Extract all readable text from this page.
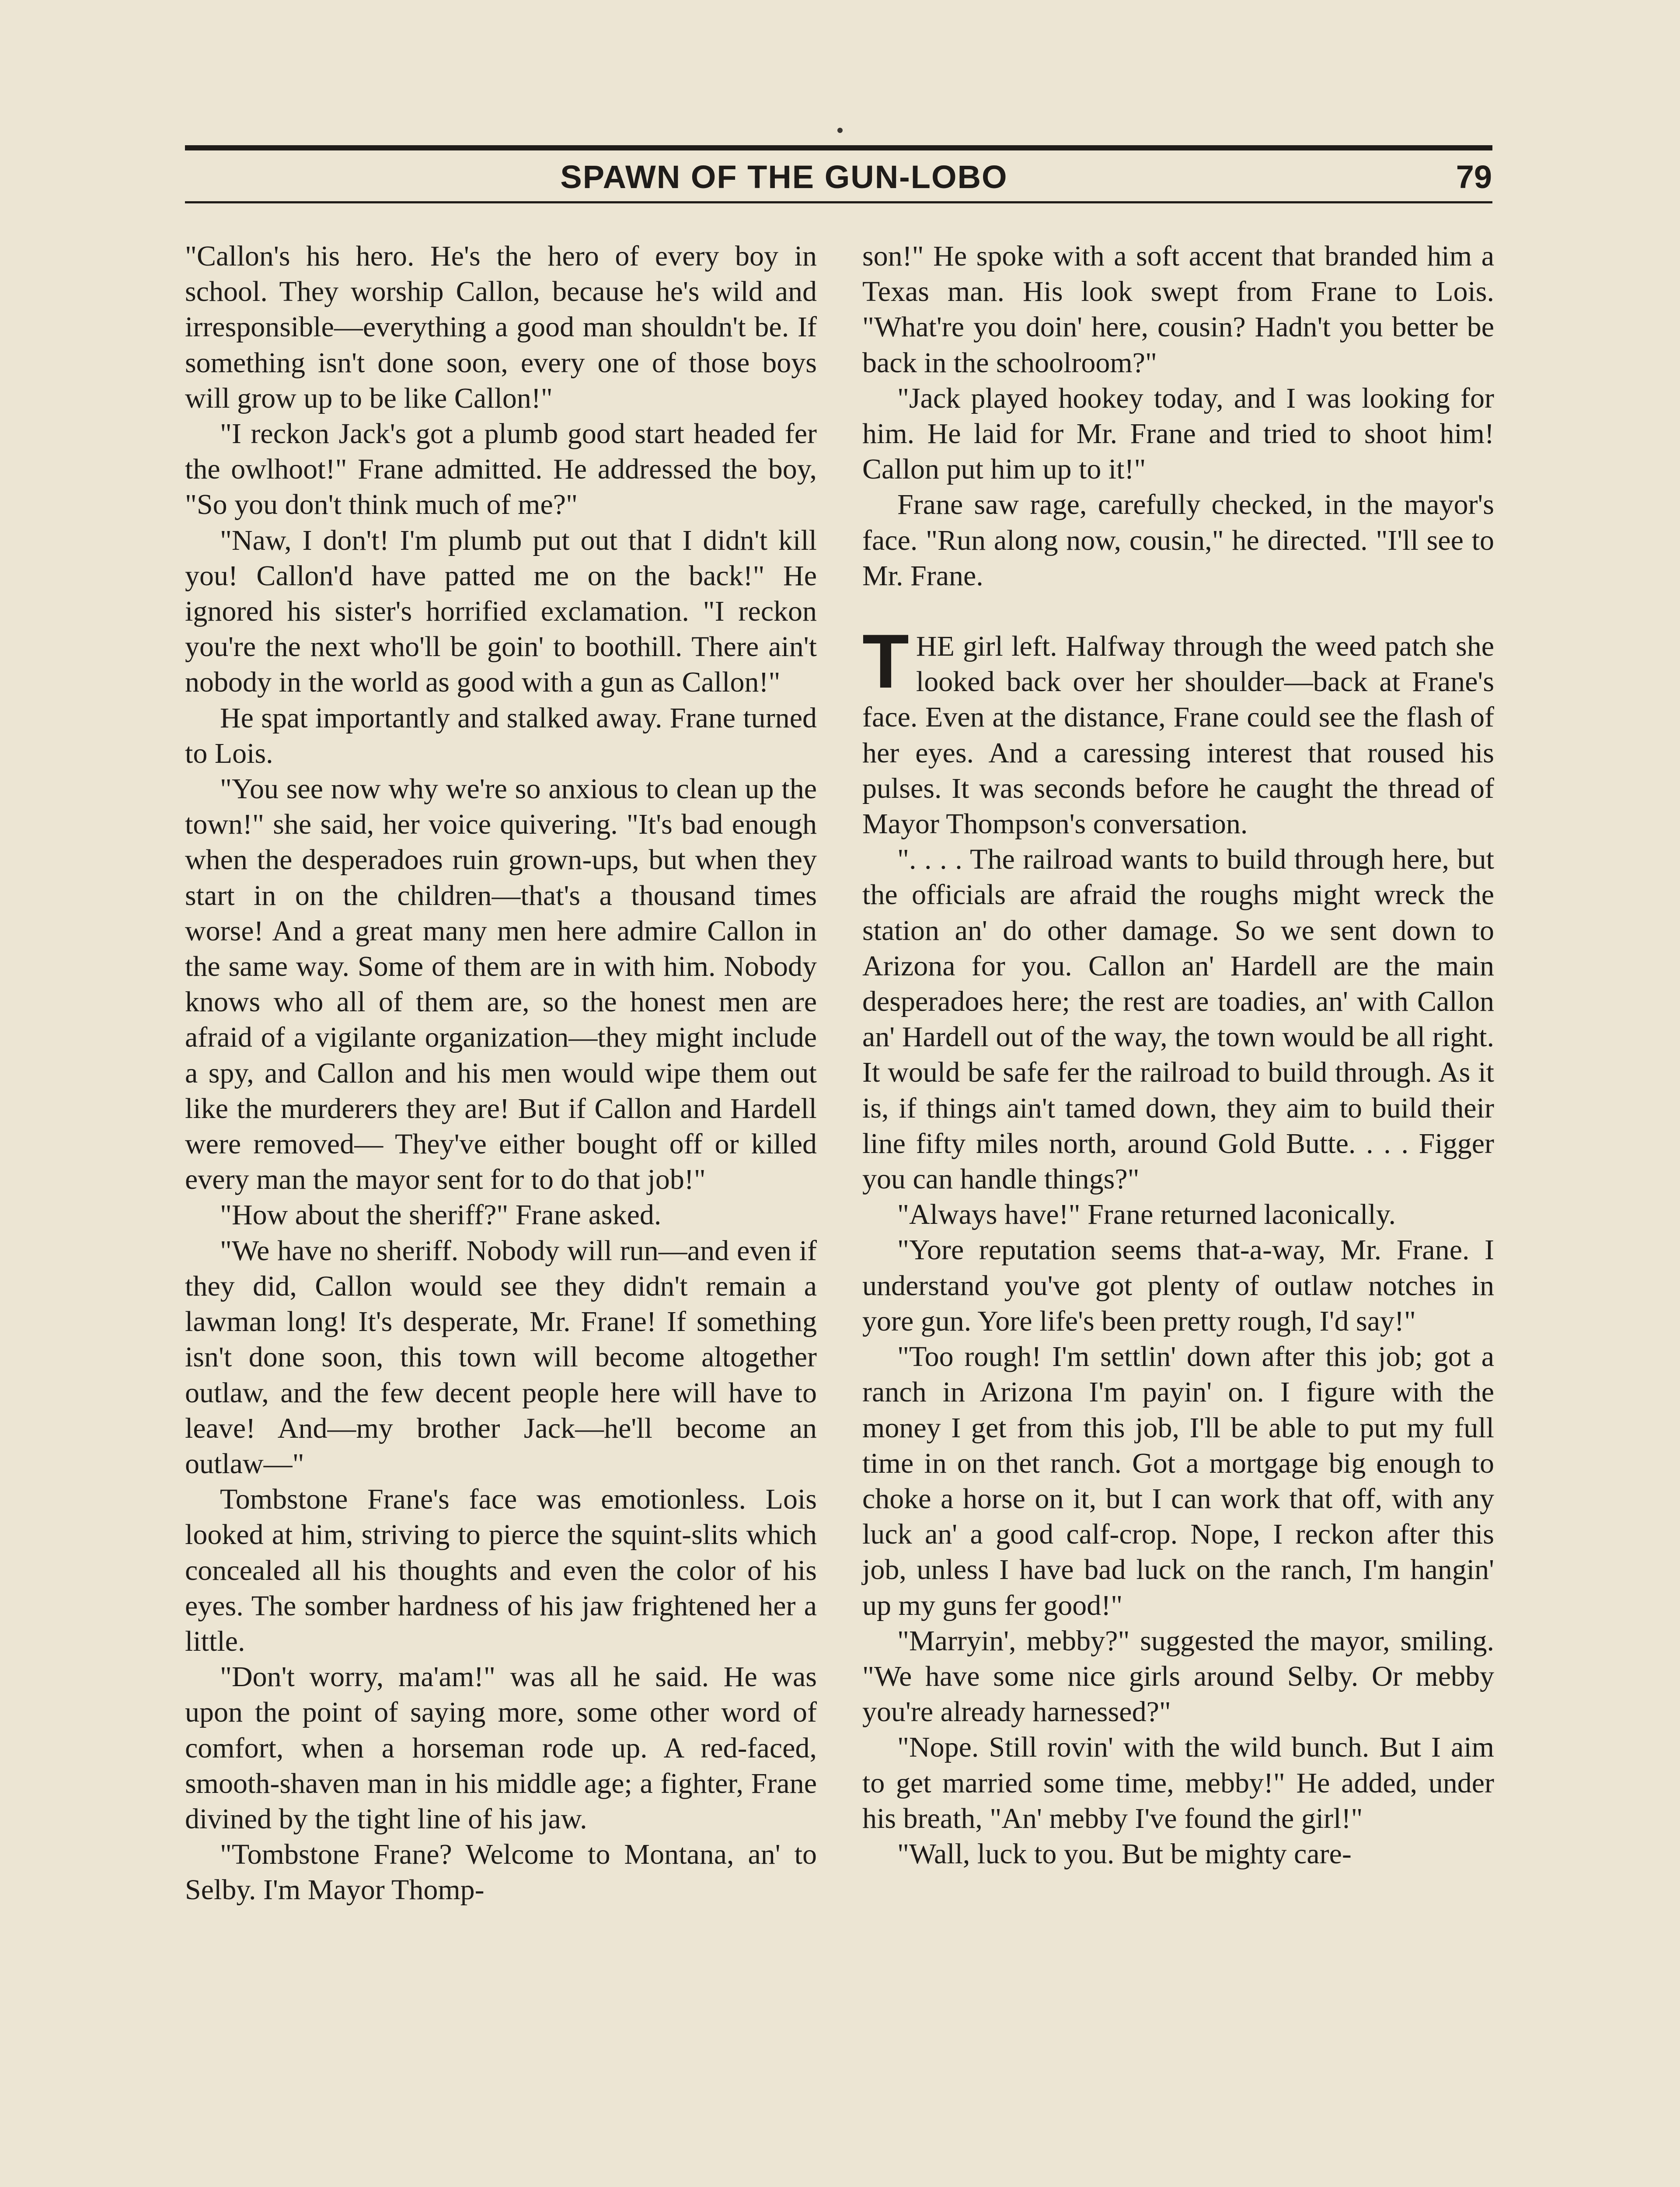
SPAWN OF THE GUN-LOBO	79

"Callon's his hero. He's the hero of every boy in school. They worship Callon, because he's wild and irresponsible—everything a good man shouldn't be. If something isn't done soon, every one of those boys will grow up to be like Callon!"

"I reckon Jack's got a plumb good start headed fer the owlhoot!" Frane admitted. He addressed the boy, "So you don't think much of me?"

"Naw, I don't! I'm plumb put out that I didn't kill you! Callon'd have patted me on the back!" He ignored his sister's horrified exclamation. "I reckon you're the next who'll be goin' to boothill. There ain't nobody in the world as good with a gun as Callon!"

He spat importantly and stalked away. Frane turned to Lois.

"You see now why we're so anxious to clean up the town!" she said, her voice quivering. "It's bad enough when the desperadoes ruin grown-ups, but when they start in on the children—that's a thousand times worse! And a great many men here admire Callon in the same way. Some of them are in with him. Nobody knows who all of them are, so the honest men are afraid of a vigilante organization—they might include a spy, and Callon and his men would wipe them out like the murderers they are! But if Callon and Hardell were removed— They've either bought off or killed every man the mayor sent for to do that job!"

"How about the sheriff?" Frane asked.

"We have no sheriff. Nobody will run—and even if they did, Callon would see they didn't remain a lawman long! It's desperate, Mr. Frane! If something isn't done soon, this town will become altogether outlaw, and the few decent people here will have to leave! And—my brother Jack—he'll become an outlaw—"

Tombstone Frane's face was emotionless. Lois looked at him, striving to pierce the squint-slits which concealed all his thoughts and even the color of his eyes. The somber hardness of his jaw frightened her a little.

"Don't worry, ma'am!" was all he said. He was upon the point of saying more, some other word of comfort, when a horseman rode up. A red-faced, smooth-shaven man in his middle age; a fighter, Frane divined by the tight line of his jaw.

"Tombstone Frane? Welcome to Montana, an' to Selby. I'm Mayor Thomp-

son!" He spoke with a soft accent that branded him a Texas man. His look swept from Frane to Lois. "What're you doin' here, cousin? Hadn't you better be back in the schoolroom?"

"Jack played hookey today, and I was looking for him. He laid for Mr. Frane and tried to shoot him! Callon put him up to it!"

Frane saw rage, carefully checked, in the mayor's face. "Run along now, cousin," he directed. "I'll see to Mr. Frane.

THE girl left. Halfway through the weed patch she looked back over her shoulder—back at Frane's face. Even at the distance, Frane could see the flash of her eyes. And a caressing interest that roused his pulses. It was seconds before he caught the thread of Mayor Thompson's conversation.

". . . . The railroad wants to build through here, but the officials are afraid the roughs might wreck the station an' do other damage. So we sent down to Arizona for you. Callon an' Hardell are the main desperadoes here; the rest are toadies, an' with Callon an' Hardell out of the way, the town would be all right. It would be safe fer the railroad to build through. As it is, if things ain't tamed down, they aim to build their line fifty miles north, around Gold Butte. . . . Figger you can handle things?"

"Always have!" Frane returned laconically.

"Yore reputation seems that-a-way, Mr. Frane. I understand you've got plenty of outlaw notches in yore gun. Yore life's been pretty rough, I'd say!"

"Too rough! I'm settlin' down after this job; got a ranch in Arizona I'm payin' on. I figure with the money I get from this job, I'll be able to put my full time in on thet ranch. Got a mortgage big enough to choke a horse on it, but I can work that off, with any luck an' a good calf-crop. Nope, I reckon after this job, unless I have bad luck on the ranch, I'm hangin' up my guns fer good!"

"Marryin', mebby?" suggested the mayor, smiling. "We have some nice girls around Selby. Or mebby you're already harnessed?"

"Nope. Still rovin' with the wild bunch. But I aim to get married some time, mebby!" He added, under his breath, "An' mebby I've found the girl!"

"Wall, luck to you. But be mighty care-
